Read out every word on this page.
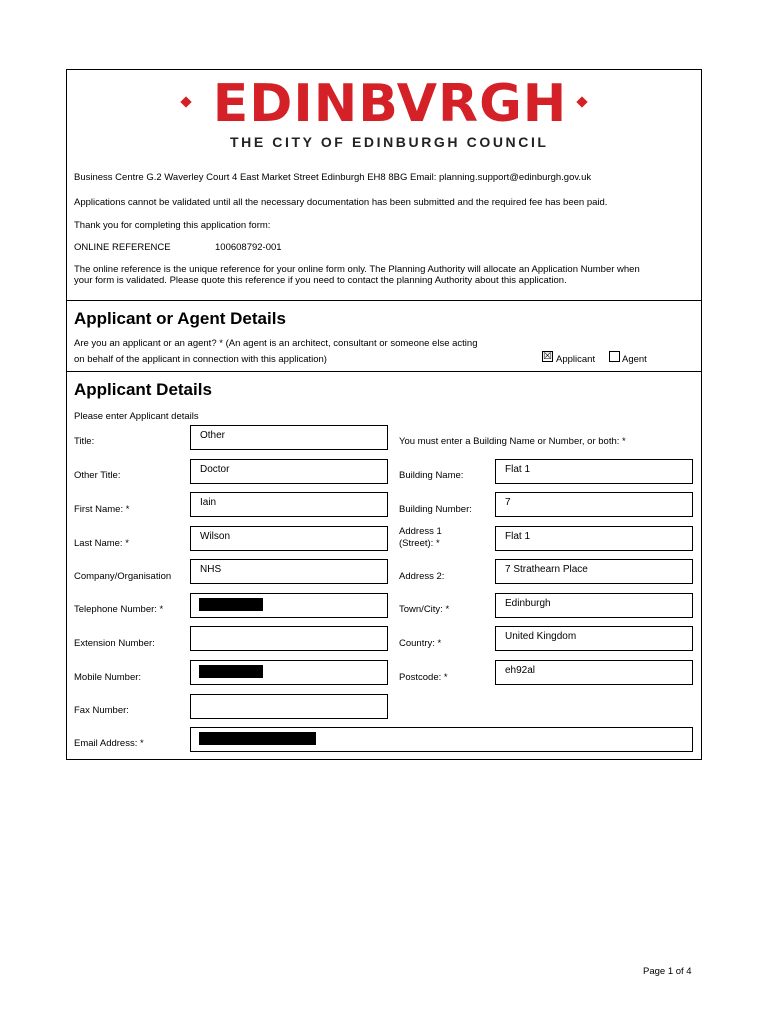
EDINBVRGH
THE CITY OF EDINBURGH COUNCIL
Business Centre G.2 Waverley Court 4 East Market Street Edinburgh EH8 8BG Email: planning.support@edinburgh.gov.uk
Applications cannot be validated until all the necessary documentation has been submitted and the required fee has been paid.
Thank you for completing this application form:
ONLINE REFERENCE	100608792-001
The online reference is the unique reference for your online form only. The Planning Authority will allocate an Application Number when
your form is validated. Please quote this reference if you need to contact the planning Authority about this application.
Applicant or Agent Details
Are you an applicant or an agent? * (An agent is an architect, consultant or someone else acting
on behalf of the applicant in connection with this application)	☒ Applicant	Agent
Applicant Details
Please enter Applicant details
You must enter a Building Name or Number, or both: *
Title:
Other
Other Title:
Doctor
First Name: *
Iain
Last Name: *
Wilson
Company/Organisation
NHS
Telephone Number: *
Extension Number:
Mobile Number:
Fax Number:
Email Address: *
Building Name:
Flat 1
Building Number:
7
Address 1
(Street): *
Flat 1
Address 2:
7 Strathearn Place
Town/City: *
Edinburgh
Country: *
United Kingdom
Postcode: *
eh92al
Page 1 of 4
